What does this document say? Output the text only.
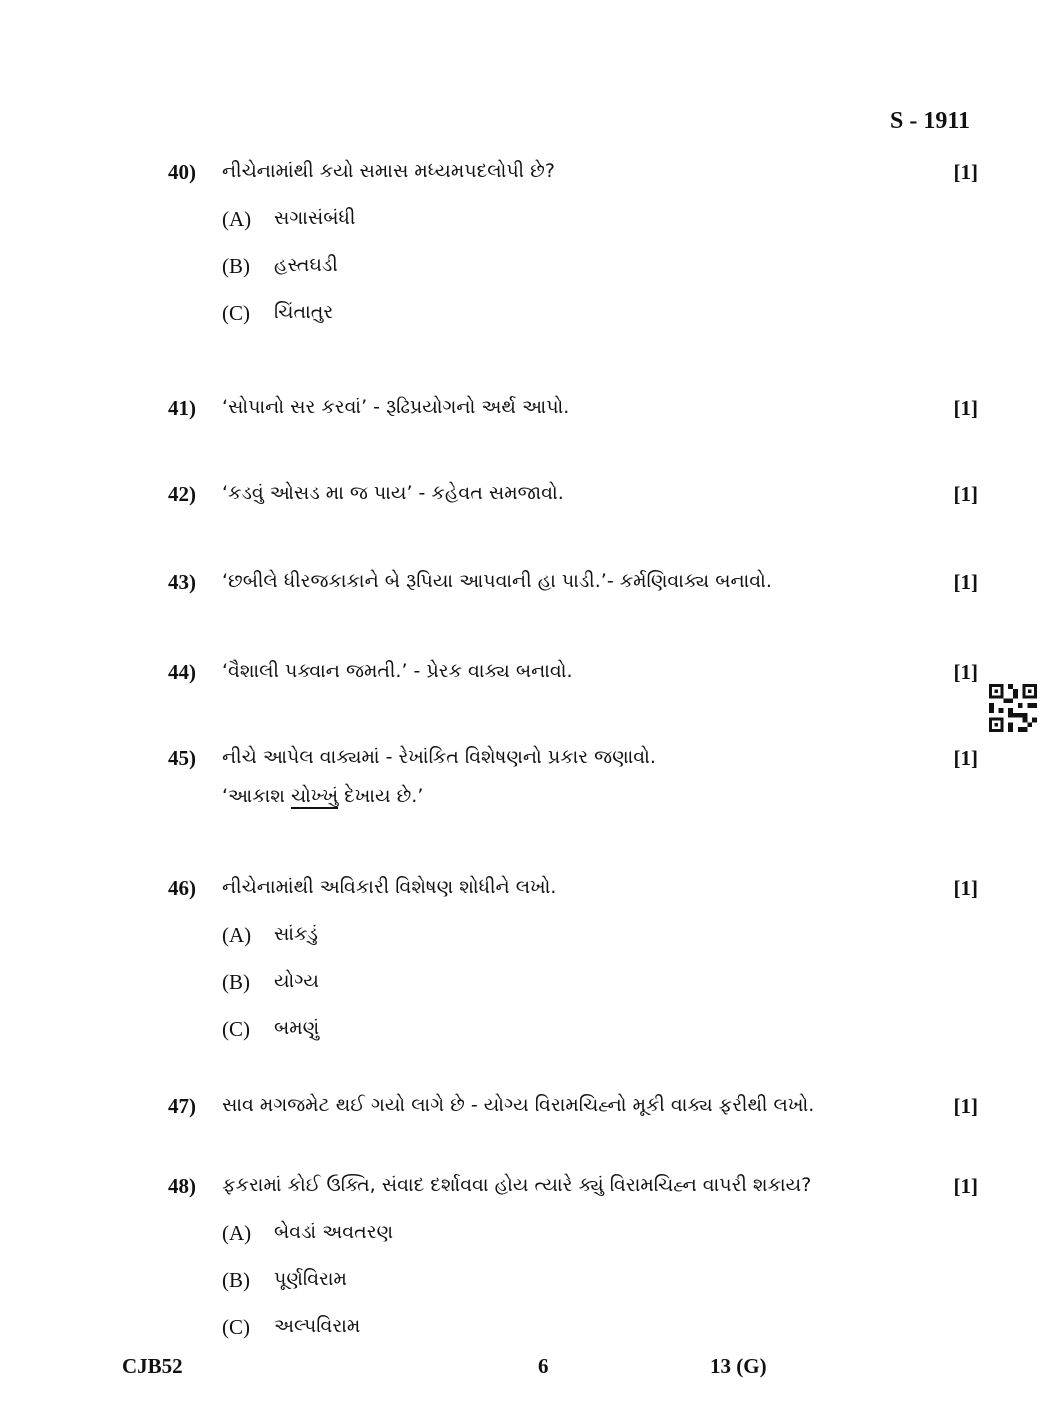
S - 1911
40)	નીચેનામાંથી કયો સમાસ મધ્યમપદલોપી છે?	[1]
(A)	સગાસંબંધી
(B)	હસ્તઘડી
(C)	ચિંતાતુર
41)	‘સોપાનો સર કરવાં’ - રૂઢિપ્રયોગનો અર્થ આપો.	[1]
42)	‘કડવું ઓસડ મા જ પાય’ - કહેવત સમજાવો.	[1]
43)	‘છબીલે ધીરજકાકાને બે રૂપિયા આપવાની હા પાડી.’- કર્મણિવાક્ય બનાવો.	[1]
44)	‘વૈશાલી પક્વાન જમતી.’ - પ્રેરક વાક્ય બનાવો.	[1]
45)	નીચે આપેલ વાક્યમાં - રેખાંકિત વિશેષણનો પ્રકાર જણાવો.	[1]
‘આકાશ ચોખ્ખું દેખાય છે.’
46)	નીચેનામાંથી અવિકારી વિશેષણ શોધીને લખો.	[1]
(A)	સાંકડું
(B)	યોગ્ય
(C)	બમણું
47)	સાવ મગજમેટ થઈ ગયો લાગે છે - યોગ્ય વિરામચિહ્નો મૂકી વાક્ય ફરીથી લખો.	[1]
48)	ફકરામાં કોઈ ઉક્તિ, સંવાદ દર્શાવવા હોય ત્યારે ક્યું વિરામચિહ્ન વાપરી શકાય?	[1]
(A)	બેવડાં અવતરણ
(B)	પૂર્ણવિરામ
(C)	અલ્પવિરામ
CJB52	6	13 (G)
